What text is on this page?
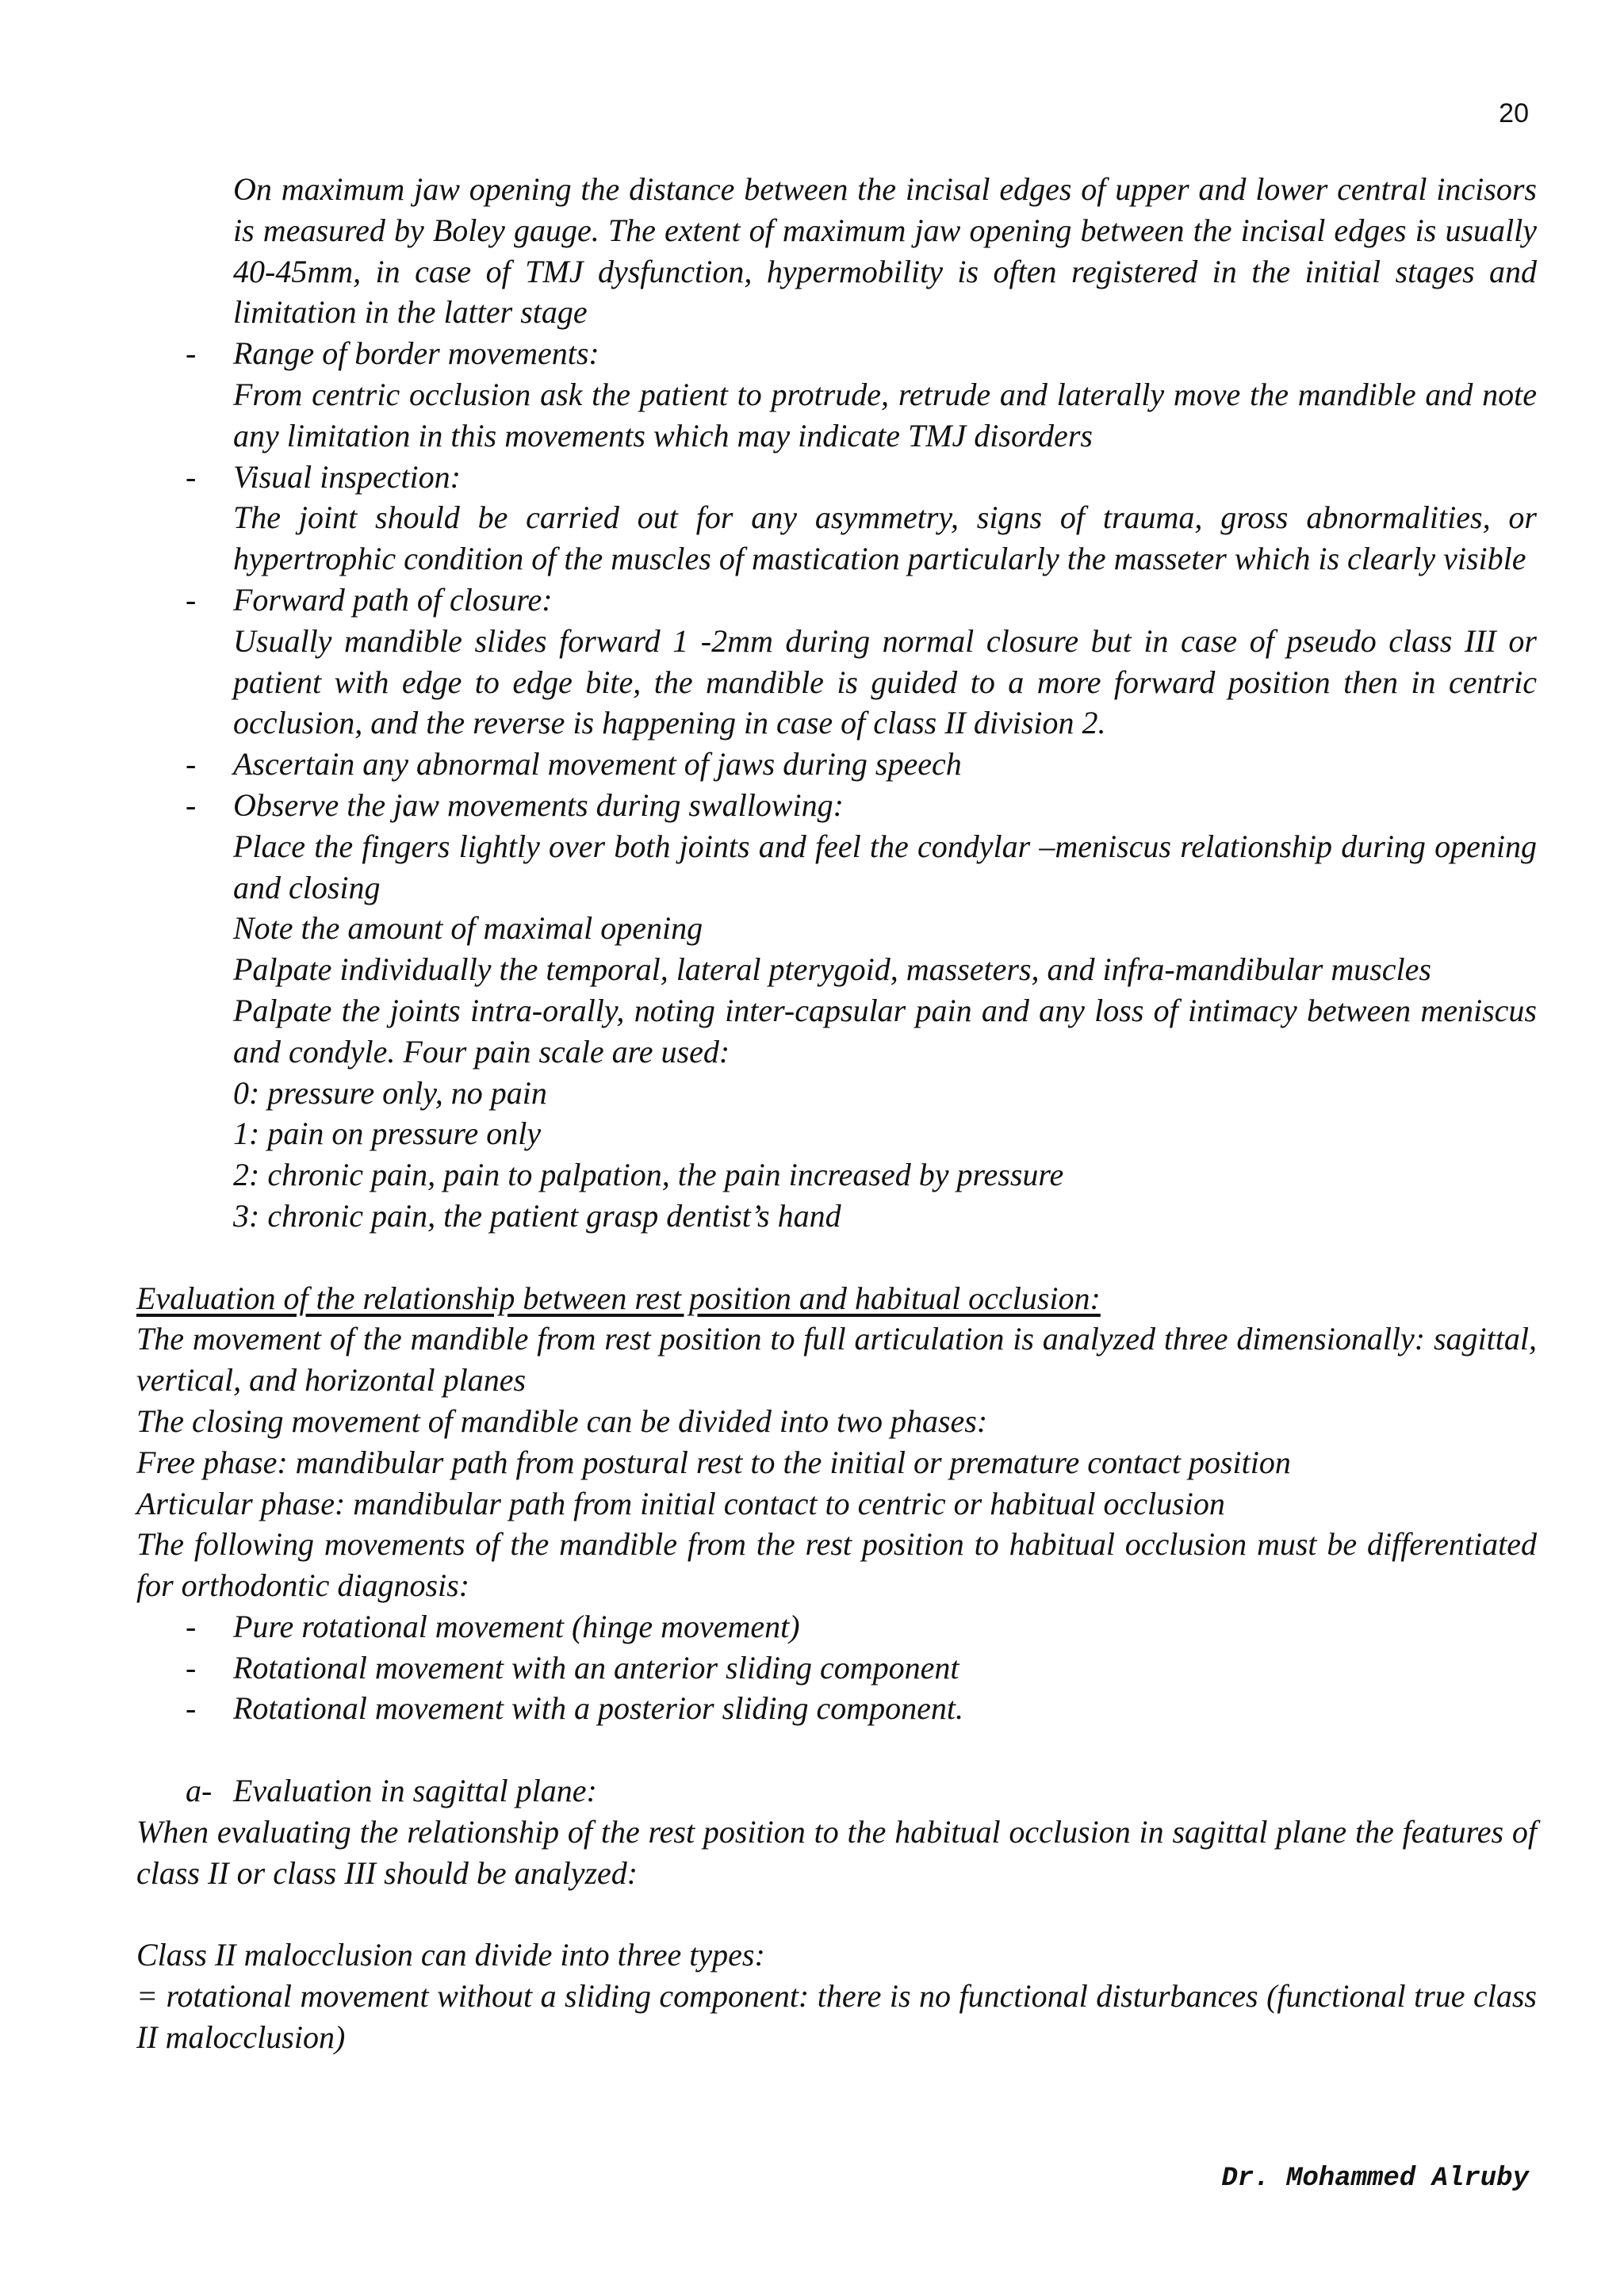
20
On maximum jaw opening the distance between the incisal edges of upper and lower central incisors is measured by Boley gauge. The extent of maximum jaw opening between the incisal edges is usually 40-45mm, in case of TMJ dysfunction, hypermobility is often registered in the initial stages and limitation in the latter stage
- Range of border movements:
From centric occlusion ask the patient to protrude, retrude and laterally move the mandible and note any limitation in this movements which may indicate TMJ disorders
- Visual inspection:
The joint should be carried out for any asymmetry, signs of trauma, gross abnormalities, or hypertrophic condition of the muscles of mastication particularly the masseter which is clearly visible
- Forward path of closure:
Usually mandible slides forward 1 -2mm during normal closure but in case of pseudo class III or patient with edge to edge bite, the mandible is guided to a more forward position then in centric occlusion, and the reverse is happening in case of class II division 2.
- Ascertain any abnormal movement of jaws during speech
- Observe the jaw movements during swallowing:
Place the fingers lightly over both joints and feel the condylar –meniscus relationship during opening and closing
Note the amount of maximal opening
Palpate individually the temporal, lateral pterygoid, masseters, and infra-mandibular muscles
Palpate the joints intra-orally, noting inter-capsular pain and any loss of intimacy between meniscus and condyle. Four pain scale are used:
0: pressure only, no pain
1: pain on pressure only
2: chronic pain, pain to palpation, the pain increased by pressure
3: chronic pain, the patient grasp dentist’s hand
Evaluation of the relationship between rest position and habitual occlusion:
The movement of the mandible from rest position to full articulation is analyzed three dimensionally: sagittal, vertical, and horizontal planes
The closing movement of mandible can be divided into two phases:
Free phase: mandibular path from postural rest to the initial or premature contact position
Articular phase: mandibular path from initial contact to centric or habitual occlusion
The following movements of the mandible from the rest position to habitual occlusion must be differentiated for orthodontic diagnosis:
- Pure rotational movement (hinge movement)
- Rotational movement with an anterior sliding component
- Rotational movement with a posterior sliding component.
a- Evaluation in sagittal plane:
When evaluating the relationship of the rest position to the habitual occlusion in sagittal plane the features of class II or class III should be analyzed:
Class II malocclusion can divide into three types:
= rotational movement without a sliding component: there is no functional disturbances (functional true class II malocclusion)
Dr. Mohammed Alruby
